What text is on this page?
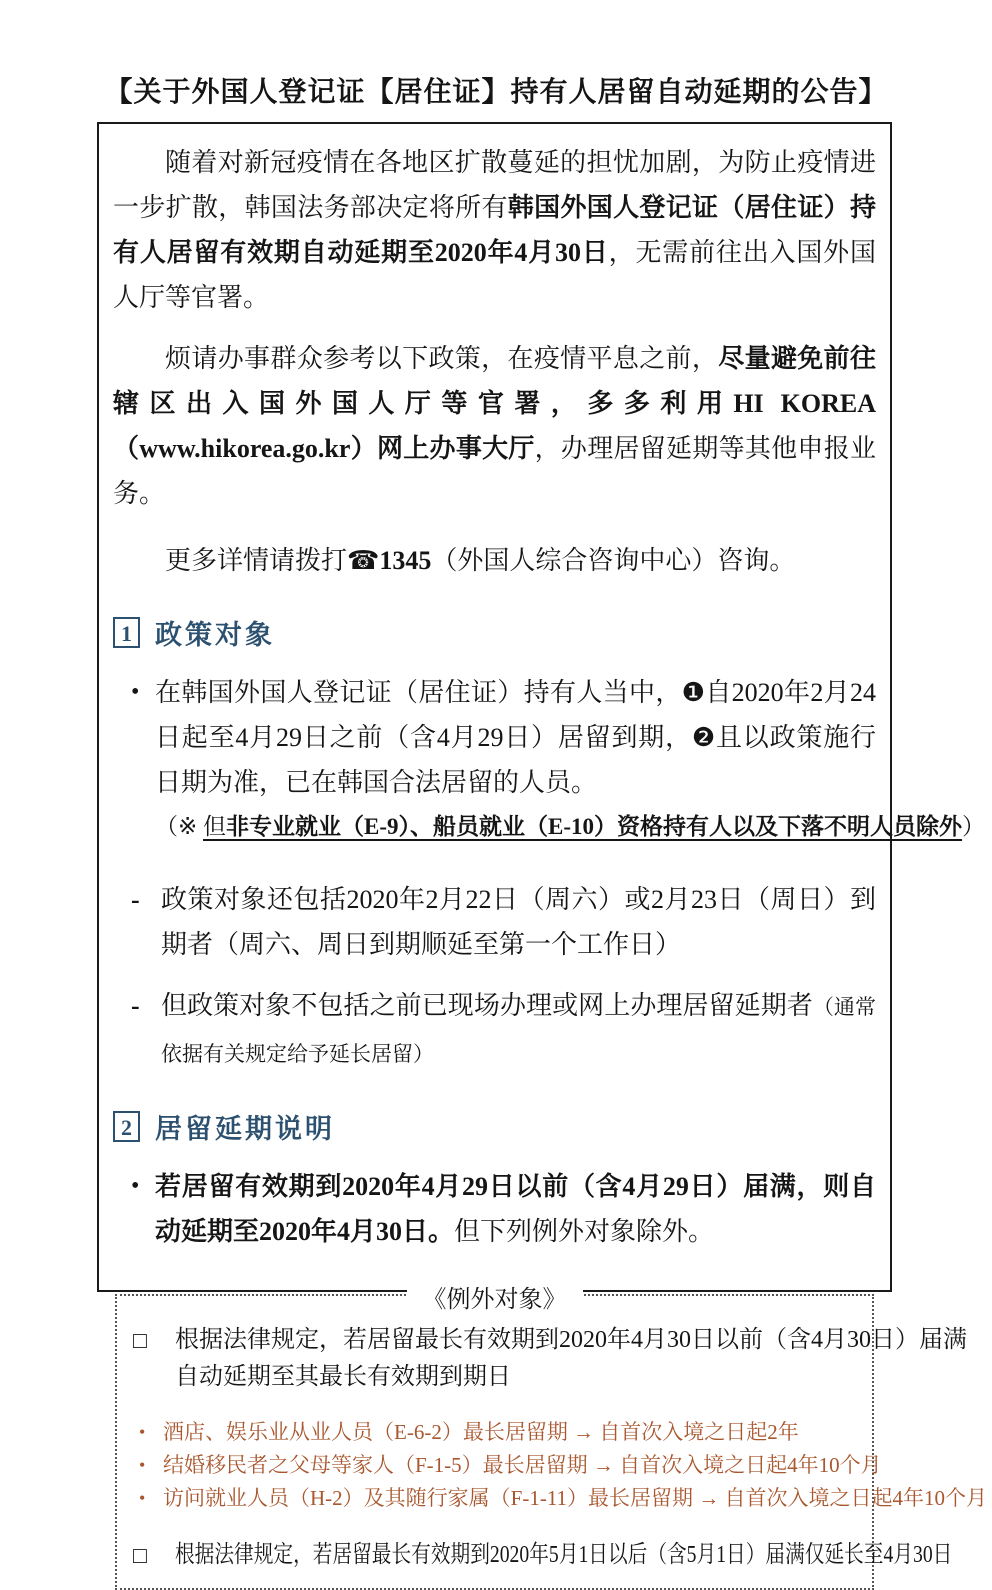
【关于外国人登记证【居住证】持有人居留自动延期的公告】

随着对新冠疫情在各地区扩散蔓延的担忧加剧，为防止疫情进一步扩散，韩国法务部决定将所有韩国外国人登记证（居住证）持有人居留有效期自动延期至2020年4月30日，无需前往出入国外国人厅等官署。

烦请办事群众参考以下政策，在疫情平息之前，尽量避免前往辖区出入国外国人厅等官署，多多利用HI KOREA（www.hikorea.go.kr）网上办事大厅，办理居留延期等其他申报业务。

更多详情请拨打☎1345（外国人综合咨询中心）咨询。

1 政策对象
• 在韩国外国人登记证（居住证）持有人当中，❶自2020年2月24日起至4月29日之前（含4月29日）居留到期，❷且以政策施行日期为准，已在韩国合法居留的人员。
（※ 但非专业就业（E-9）、船员就业（E-10）资格持有人以及下落不明人员除外）
- 政策对象还包括2020年2月22日（周六）或2月23日（周日）到期者（周六、周日到期顺延至第一个工作日）
- 但政策对象不包括之前已现场办理或网上办理居留延期者（通常依据有关规定给予延长居留）
2 居留延期说明
• 若居留有效期到2020年4月29日以前（含4月29日）届满，则自动延期至2020年4月30日。但下列例外对象除外。
《例外对象》
□	根据法律规定，若居留最长有效期到2020年4月30日以前（含4月30日）届满
自动延期至其最长有效期到期日
• 酒店、娱乐业从业人员（E-6-2）最长居留期 → 自首次入境之日起2年
• 结婚移民者之父母等家人（F-1-5）最长居留期 → 自首次入境之日起4年10个月
• 访问就业人员（H-2）及其随行家属（F-1-11）最长居留期 → 自首次入境之日起4年10个月
□	根据法律规定，若居留最长有效期到2020年5月1日以后（含5月1日）届满仅延长至4月30日
